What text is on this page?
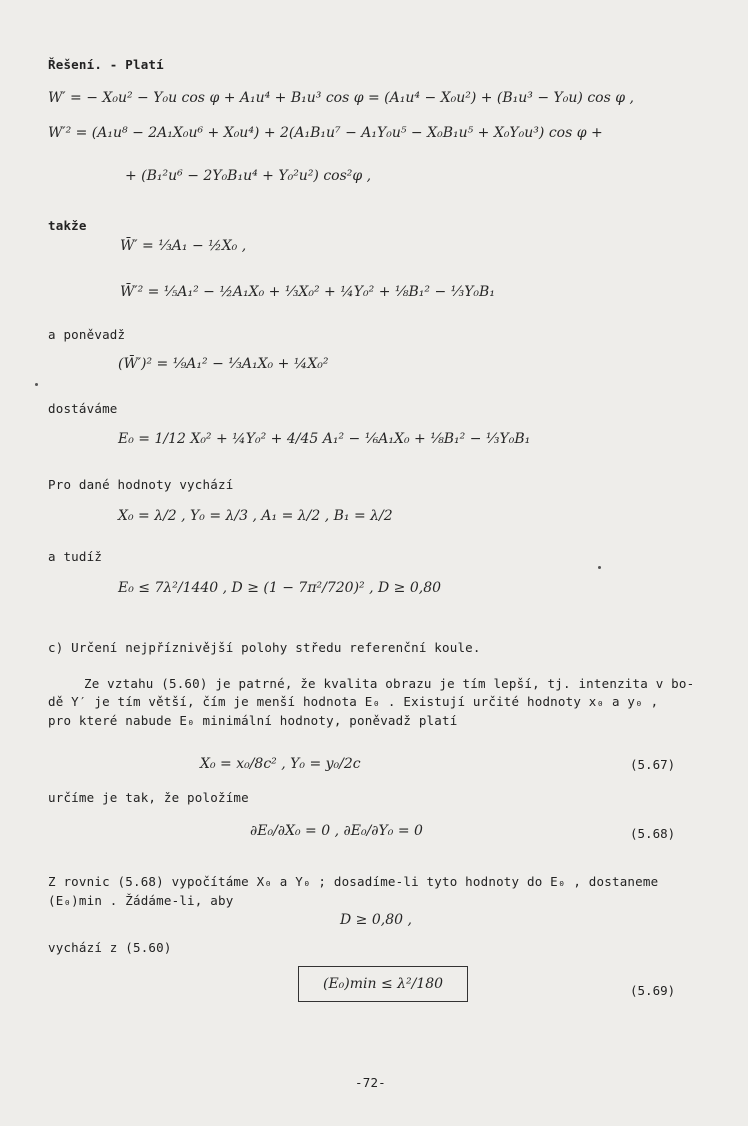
Řešení. - Platí
W′ = − X₀u² − Y₀u cos φ + A₁u⁴ + B₁u³ cos φ = (A₁u⁴ − X₀u²) + (B₁u³ − Y₀u) cos φ ,
W′² = (A₁u⁸ − 2A₁X₀u⁶ + X₀u⁴) + 2(A₁B₁u⁷ − A₁Y₀u⁵ − X₀B₁u⁵ + X₀Y₀u³) cos φ +
+ (B₁²u⁶ − 2Y₀B₁u⁴ + Y₀²u²) cos²φ ,
takže
W̄′ = ⅓A₁ − ½X₀ ,
W̄′² = ⅕A₁² − ½A₁X₀ + ⅓X₀² + ¼Y₀² + ⅛B₁² − ⅓Y₀B₁
a poněvadž
(W̄′)² = ⅑A₁² − ⅓A₁X₀ + ¼X₀²
dostáváme
E₀ = 1/12 X₀² + ¼Y₀² + 4/45 A₁² − ⅙A₁X₀ + ⅛B₁² − ⅓Y₀B₁
Pro dané hodnoty vychází
X₀ = λ/2 , Y₀ = λ/3 , A₁ = λ/2 , B₁ = λ/2
a tudíž
E₀ ≤ 7λ²/1440 , D ≥ (1 − 7π²/720)² , D ≥ 0,80
c) Určení nejpříznivější polohy středu referenční koule.
Ze vztahu (5.60) je patrné, že kvalita obrazu je tím lepší, tj. intenzita v bo-
dě Y′ je tím větší, čím je menší hodnota E₀ . Existují určité hodnoty x₀ a y₀ ,
pro které nabude E₀ minimální hodnoty, poněvadž platí
X₀ = x₀/8c² , Y₀ = y₀/2c	(5.67)
určíme je tak, že položíme
∂E₀/∂X₀ = 0 , ∂E₀/∂Y₀ = 0	(5.68)
Z rovnic (5.68) vypočítáme X₀ a Y₀ ; dosadíme-li tyto hodnoty do E₀ , dostaneme
(E₀)min . Žádáme-li, aby
D ≥ 0,80 ,
vychází z (5.60)
(E₀)min ≤ λ²/180	(5.69)
-72-
